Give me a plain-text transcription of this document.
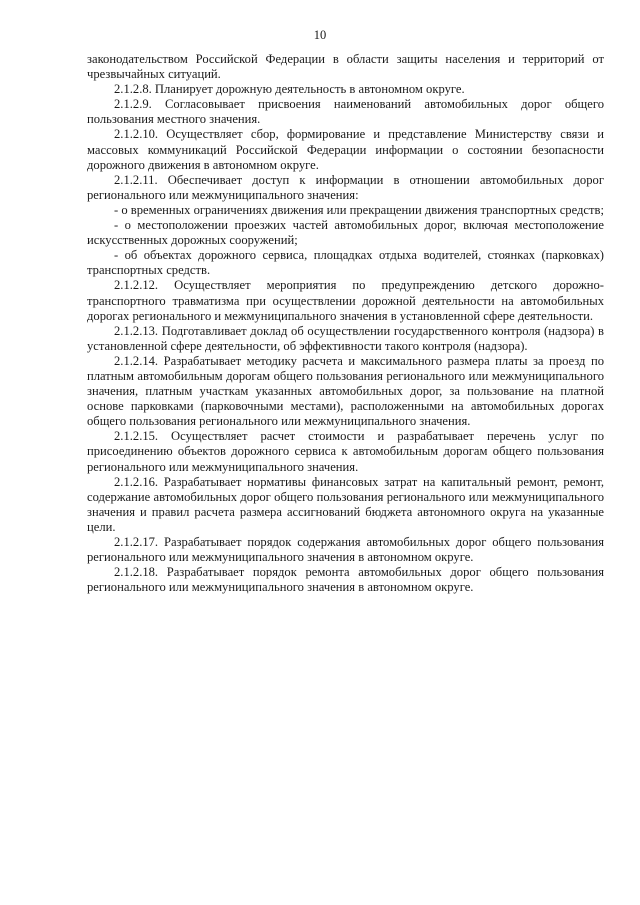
10

законодательством Российской Федерации в области защиты населения и территорий от чрезвычайных ситуаций.

2.1.2.8. Планирует дорожную деятельность в автономном округе.

2.1.2.9. Согласовывает присвоения наименований автомобильных дорог общего пользования местного значения.

2.1.2.10. Осуществляет сбор, формирование и представление Министерству связи и массовых коммуникаций Российской Федерации информации о состоянии безопасности дорожного движения в автономном округе.

2.1.2.11. Обеспечивает доступ к информации в отношении автомобильных дорог регионального или межмуниципального значения:

- о временных ограничениях движения или прекращении движения транспортных средств;

- о местоположении проезжих частей автомобильных дорог, включая местоположение искусственных дорожных сооружений;

- об объектах дорожного сервиса, площадках отдыха водителей, стоянках (парковках) транспортных средств.

2.1.2.12. Осуществляет мероприятия по предупреждению детского дорожно-транспортного травматизма при осуществлении дорожной деятельности на автомобильных дорогах регионального и межмуниципального значения в установленной сфере деятельности.

2.1.2.13. Подготавливает доклад об осуществлении государственного контроля (надзора) в установленной сфере деятельности, об эффективности такого контроля (надзора).

2.1.2.14. Разрабатывает методику расчета и максимального размера платы за проезд по платным автомобильным дорогам общего пользования регионального или межмуниципального значения, платным участкам указанных автомобильных дорог, за пользование на платной основе парковками (парковочными местами), расположенными на автомобильных дорогах общего пользования регионального или межмуниципального значения.

2.1.2.15. Осуществляет расчет стоимости и разрабатывает перечень услуг по присоединению объектов дорожного сервиса к автомобильным дорогам общего пользования регионального или межмуниципального значения.

2.1.2.16. Разрабатывает нормативы финансовых затрат на капитальный ремонт, ремонт, содержание автомобильных дорог общего пользования регионального или межмуниципального значения и правил расчета размера ассигнований бюджета автономного округа на указанные цели.

2.1.2.17. Разрабатывает порядок содержания автомобильных дорог общего пользования регионального или межмуниципального значения в автономном округе.

2.1.2.18. Разрабатывает порядок ремонта автомобильных дорог общего пользования регионального или межмуниципального значения в автономном округе.
